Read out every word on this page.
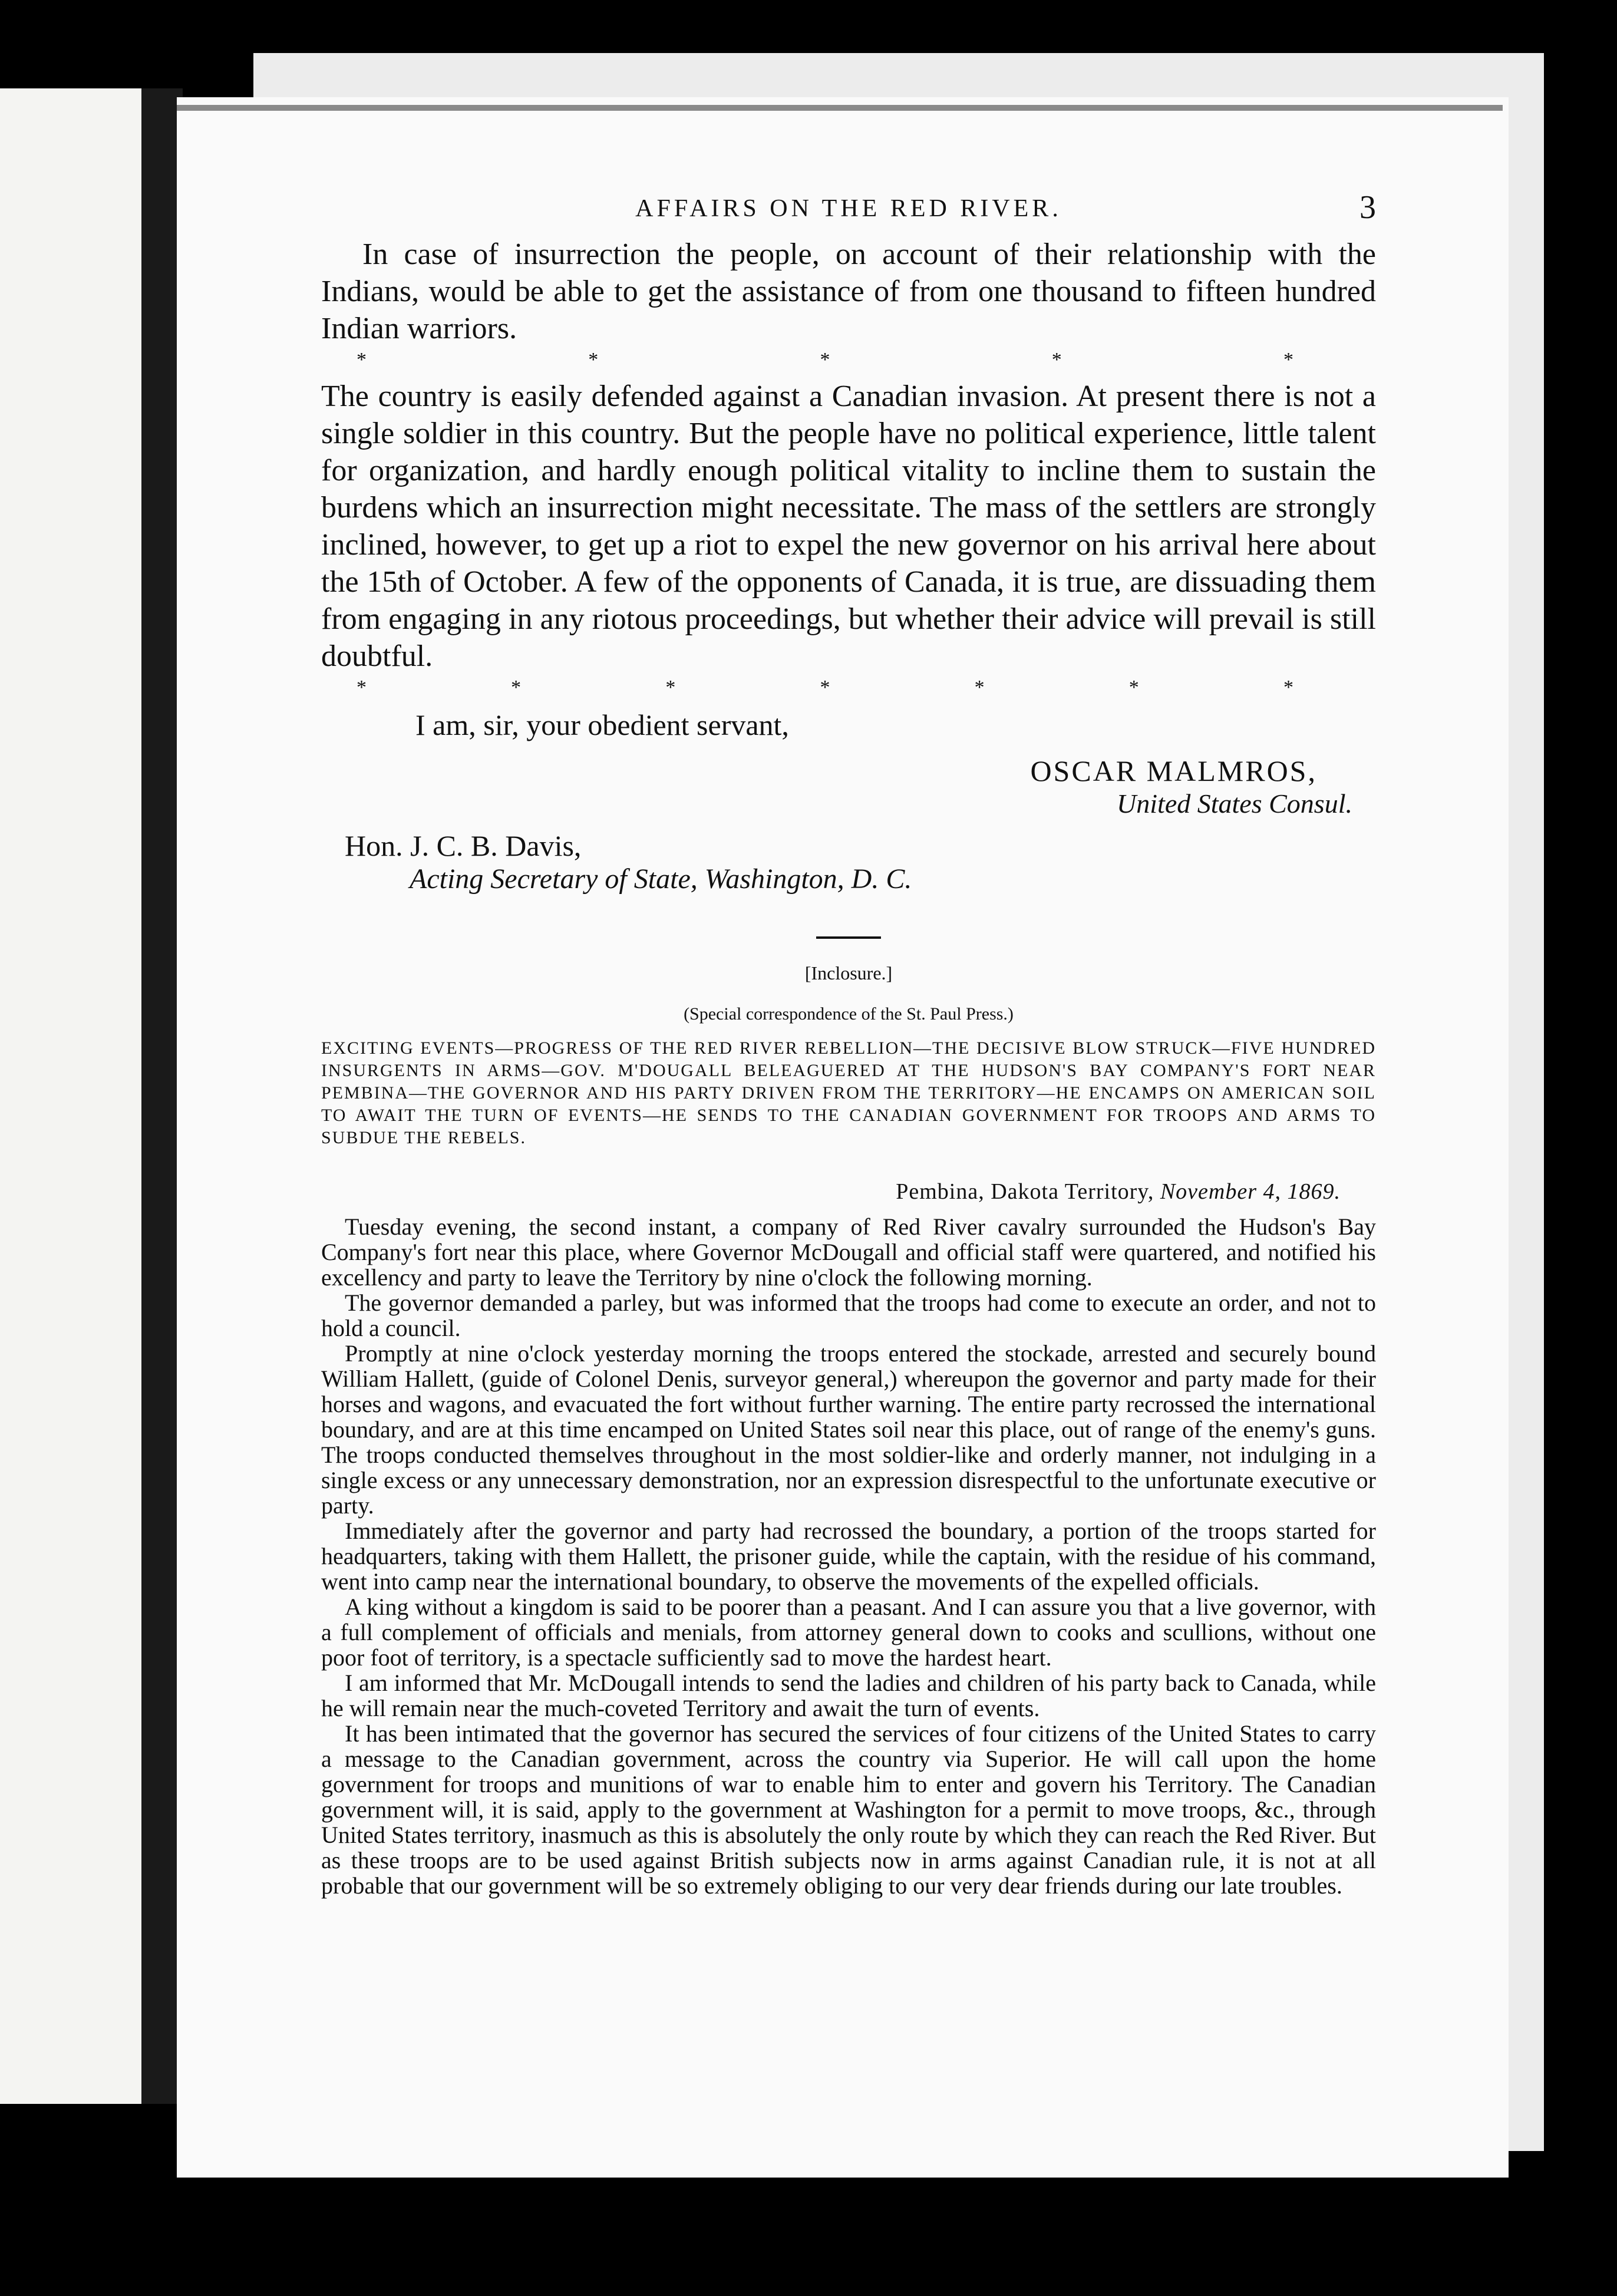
AFFAIRS ON THE RED RIVER.	3

In case of insurrection the people, on account of their relationship with the Indians, would be able to get the assistance of from one thousand to fifteen hundred Indian warriors.

*	*	*	*	*

The country is easily defended against a Canadian invasion. At present there is not a single soldier in this country. But the people have no political experience, little talent for organization, and hardly enough political vitality to incline them to sustain the burdens which an insurrection might necessitate. The mass of the settlers are strongly inclined, however, to get up a riot to expel the new governor on his arrival here about the 15th of October. A few of the opponents of Canada, it is true, are dissuading them from engaging in any riotous proceedings, but whether their advice will prevail is still doubtful.

*	*	*	*	*	*	*
I am, sir, your obedient servant,
OSCAR MALMROS,
United States Consul.
Hon. J. C. B. Davis,
Acting Secretary of State, Washington, D. C.
[Inclosure.]
(Special correspondence of the St. Paul Press.)
EXCITING EVENTS—PROGRESS OF THE RED RIVER REBELLION—THE DECISIVE BLOW STRUCK—FIVE HUNDRED INSURGENTS IN ARMS—GOV. M'DOUGALL BELEAGUERED AT THE HUDSON'S BAY COMPANY'S FORT NEAR PEMBINA—THE GOVERNOR AND HIS PARTY DRIVEN FROM THE TERRITORY—HE ENCAMPS ON AMERICAN SOIL TO AWAIT THE TURN OF EVENTS—HE SENDS TO THE CANADIAN GOVERNMENT FOR TROOPS AND ARMS TO SUBDUE THE REBELS.
Pembina, Dakota Territory, November 4, 1869.

Tuesday evening, the second instant, a company of Red River cavalry surrounded the Hudson's Bay Company's fort near this place, where Governor McDougall and official staff were quartered, and notified his excellency and party to leave the Territory by nine o'clock the following morning.

The governor demanded a parley, but was informed that the troops had come to execute an order, and not to hold a council.

Promptly at nine o'clock yesterday morning the troops entered the stockade, arrested and securely bound William Hallett, (guide of Colonel Denis, surveyor general,) whereupon the governor and party made for their horses and wagons, and evacuated the fort without further warning. The entire party recrossed the international boundary, and are at this time encamped on United States soil near this place, out of range of the enemy's guns. The troops conducted themselves throughout in the most soldier-like and orderly manner, not indulging in a single excess or any unnecessary demonstration, nor an expression disrespectful to the unfortunate executive or party.

Immediately after the governor and party had recrossed the boundary, a portion of the troops started for headquarters, taking with them Hallett, the prisoner guide, while the captain, with the residue of his command, went into camp near the international boundary, to observe the movements of the expelled officials.

A king without a kingdom is said to be poorer than a peasant. And I can assure you that a live governor, with a full complement of officials and menials, from attorney general down to cooks and scullions, without one poor foot of territory, is a spectacle sufficiently sad to move the hardest heart.

I am informed that Mr. McDougall intends to send the ladies and children of his party back to Canada, while he will remain near the much-coveted Territory and await the turn of events.

It has been intimated that the governor has secured the services of four citizens of the United States to carry a message to the Canadian government, across the country via Superior. He will call upon the home government for troops and munitions of war to enable him to enter and govern his Territory. The Canadian government will, it is said, apply to the government at Washington for a permit to move troops, &c., through United States territory, inasmuch as this is absolutely the only route by which they can reach the Red River. But as these troops are to be used against British subjects now in arms against Canadian rule, it is not at all probable that our government will be so extremely obliging to our very dear friends during our late troubles.
